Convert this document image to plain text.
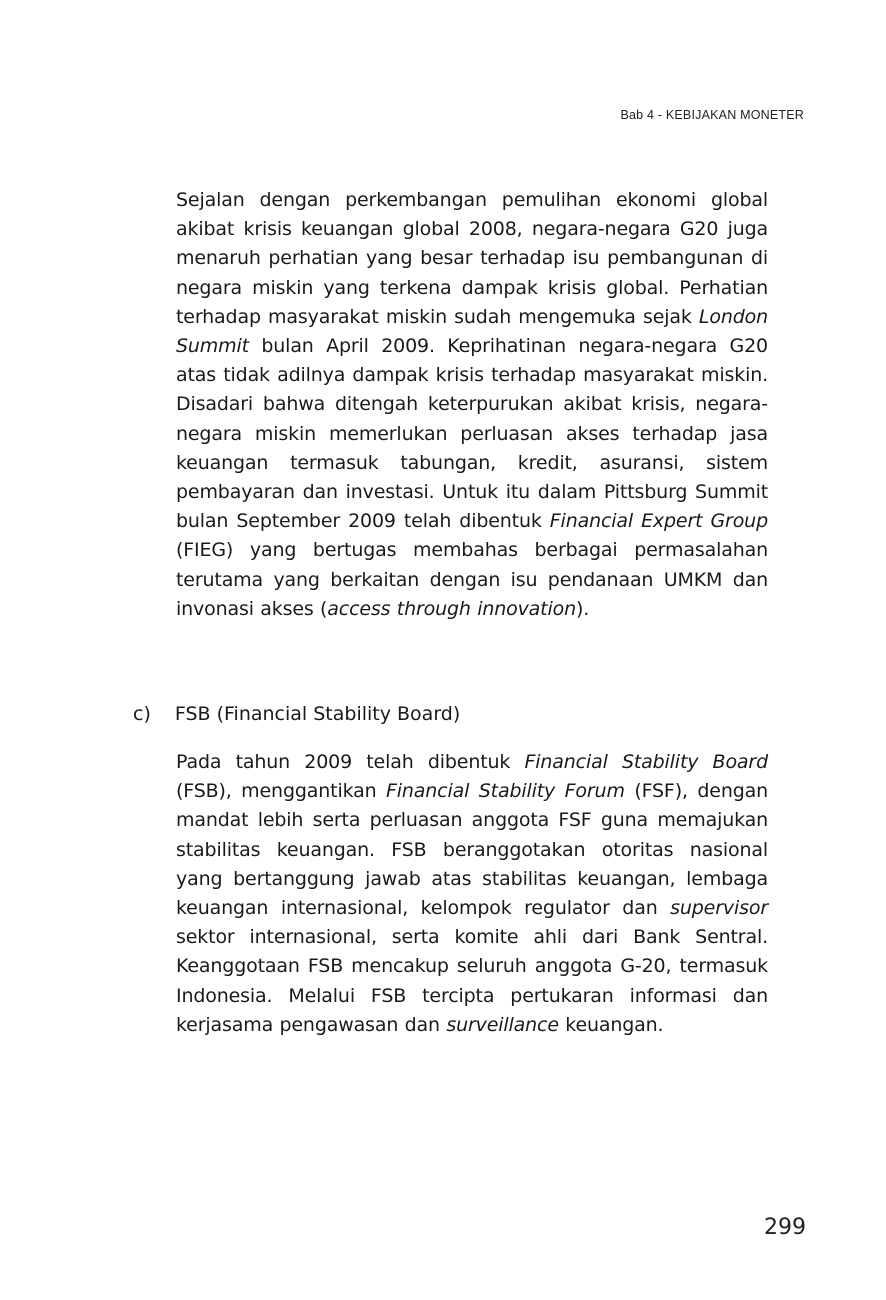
Bab 4 - KEBIJAKAN MONETER

Sejalan dengan perkembangan pemulihan ekonomi global akibat krisis keuangan global 2008, negara-negara G20 juga menaruh perhatian yang besar terhadap isu pembangunan di negara miskin yang terkena dampak krisis global. Perhatian terhadap masyarakat miskin sudah mengemuka sejak London Summit bulan April 2009. Keprihatinan negara-negara G20 atas tidak adilnya dampak krisis terhadap masyarakat miskin. Disadari bahwa ditengah keterpurukan akibat krisis, negara-negara miskin memerlukan perluasan akses terhadap jasa keuangan termasuk tabungan, kredit, asuransi, sistem pembayaran dan investasi. Untuk itu dalam Pittsburg Summit bulan September 2009 telah dibentuk Financial Expert Group (FIEG) yang bertugas membahas berbagai permasalahan terutama yang berkaitan dengan isu pendanaan UMKM dan invonasi akses (access through innovation).

c) FSB (Financial Stability Board)

Pada tahun 2009 telah dibentuk Financial Stability Board (FSB), menggantikan Financial Stability Forum (FSF), dengan mandat lebih serta perluasan anggota FSF guna memajukan stabilitas keuangan. FSB beranggotakan otoritas nasional yang bertanggung jawab atas stabilitas keuangan, lembaga keuangan internasional, kelompok regulator dan supervisor sektor internasional, serta komite ahli dari Bank Sentral. Keanggotaan FSB mencakup seluruh anggota G-20, termasuk Indonesia. Melalui FSB tercipta pertukaran informasi dan kerjasama pengawasan dan surveillance keuangan.

299
